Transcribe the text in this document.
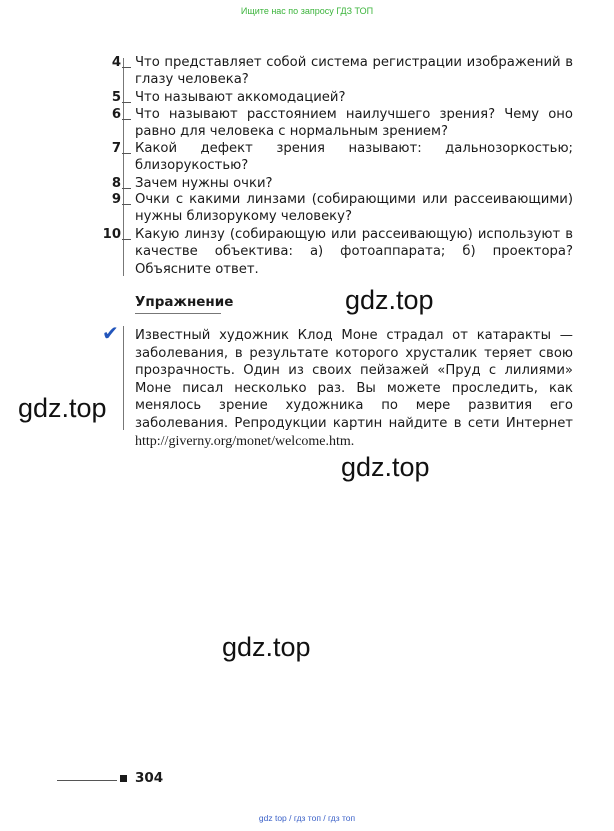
Ищите нас по запросу ГДЗ ТОП
4 Что представляет собой система регистрации изображений в глазу человека?
5 Что называют аккомодацией?
6 Что называют расстоянием наилучшего зрения? Чему оно равно для человека с нормальным зрением?
7 Какой дефект зрения называют: дальнозоркостью; близорукостью?
8 Зачем нужны очки?
9 Очки с какими линзами (собирающими или рассеивающими) нужны близорукому человеку?
10 Какую линзу (собирающую или рассеивающую) используют в качестве объектива: а) фотоаппарата; б) проектора? Объясните ответ.
Упражнение
✔ Известный художник Клод Моне страдал от катаракты — заболевания, в результате которого хрусталик теряет свою прозрачность. Один из своих пейзажей «Пруд с лилиями» Моне писал несколько раз. Вы можете проследить, как менялось зрение художника по мере развития его заболевания. Репродукции картин найдите в сети Интернет http://giverny.org/monet/welcome.htm.
gdz.top
gdz.top
gdz.top
gdz.top
304
gdz top / гдз топ / гдз топ
